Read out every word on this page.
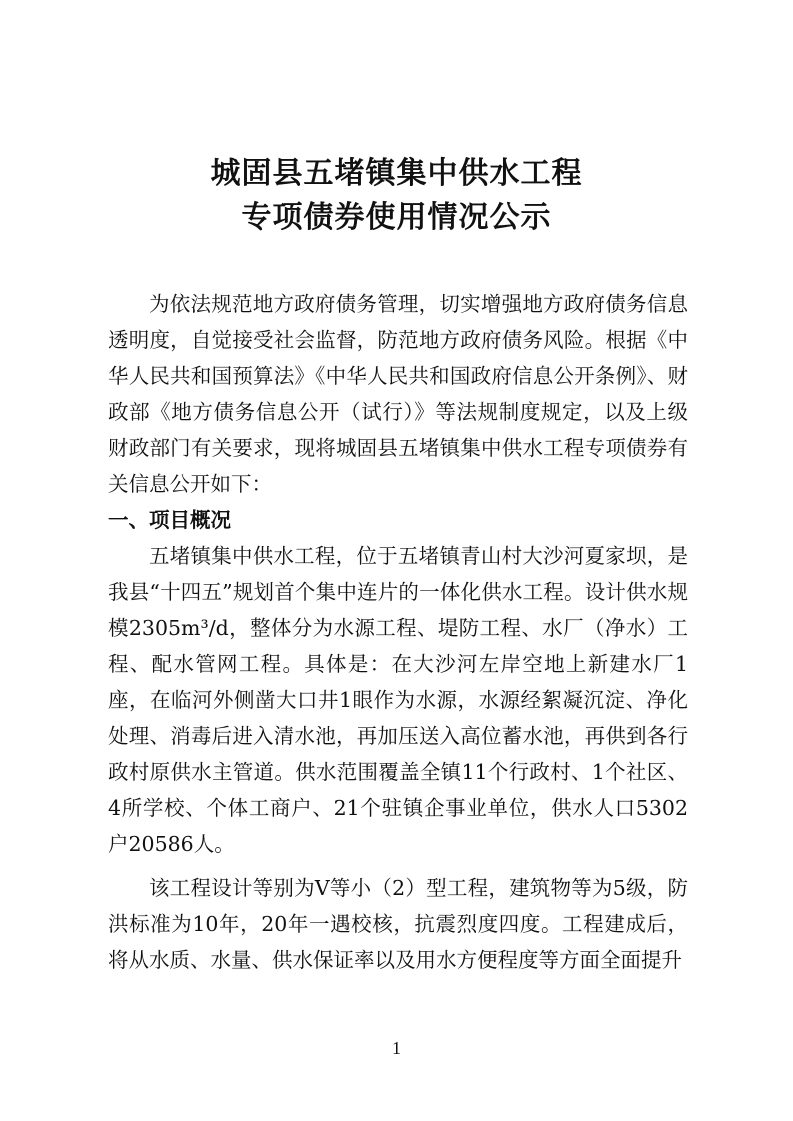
城固县五堵镇集中供水工程
专项债券使用情况公示

为依法规范地方政府债务管理，切实增强地方政府债务信息透明度，自觉接受社会监督，防范地方政府债务风险。根据《中华人民共和国预算法》《中华人民共和国政府信息公开条例》、财政部《地方债务信息公开（试行）》等法规制度规定，以及上级财政部门有关要求，现将城固县五堵镇集中供水工程专项债券有关信息公开如下：

一、项目概况

五堵镇集中供水工程，位于五堵镇青山村大沙河夏家坝，是我县“十四五”规划首个集中连片的一体化供水工程。设计供水规模2305m³/d，整体分为水源工程、堤防工程、水厂（净水）工程、配水管网工程。具体是：在大沙河左岸空地上新建水厂1座，在临河外侧凿大口井1眼作为水源，水源经絮凝沉淀、净化处理、消毒后进入清水池，再加压送入高位蓄水池，再供到各行政村原供水主管道。供水范围覆盖全镇11个行政村、1个社区、4所学校、个体工商户、21个驻镇企事业单位，供水人口5302户20586人。

该工程设计等别为Ⅴ等小（2）型工程，建筑物等为5级，防洪标准为10年，20年一遇校核，抗震烈度四度。工程建成后，将从水质、水量、供水保证率以及用水方便程度等方面全面提升

1
